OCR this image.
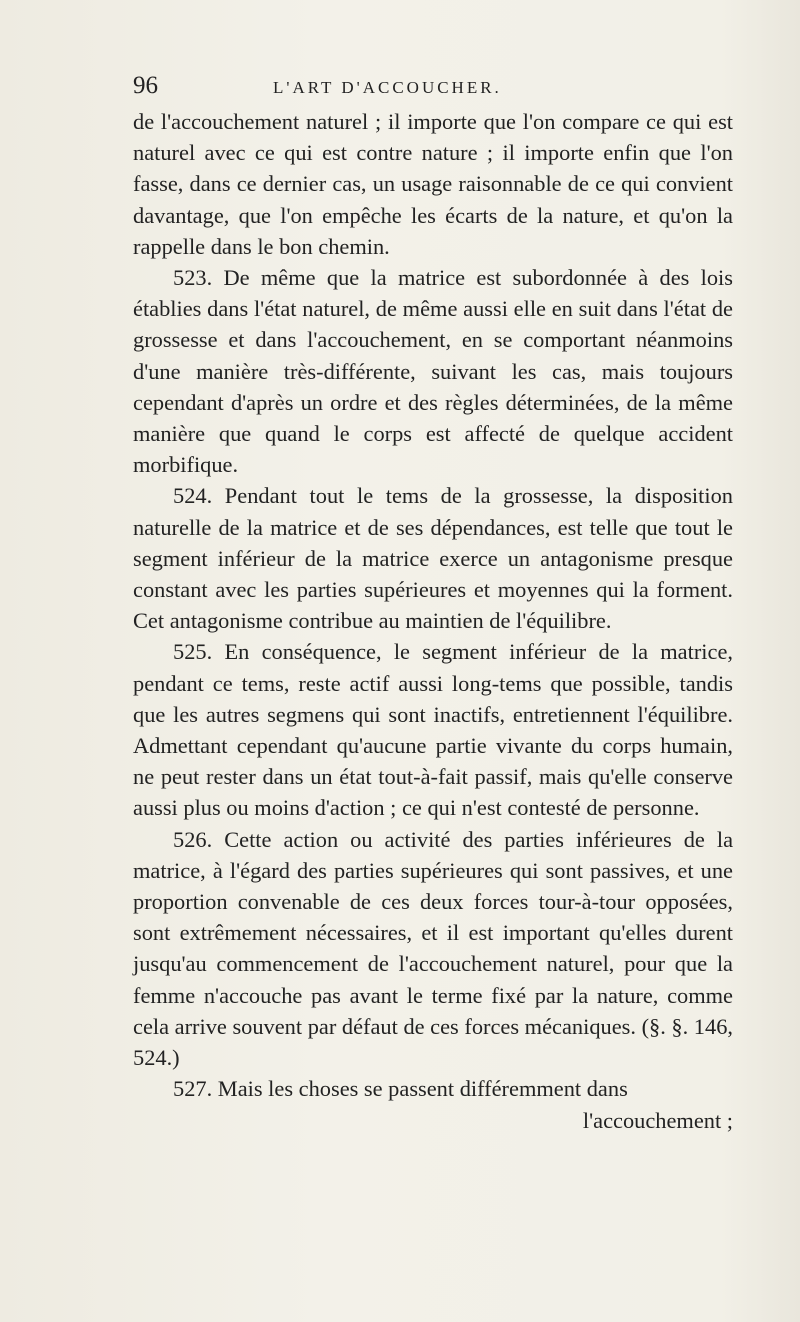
96	L'ART D'ACCOUCHER.

de l'accouchement naturel ; il importe que l'on compare ce qui est naturel avec ce qui est contre nature ; il importe enfin que l'on fasse, dans ce dernier cas, un usage raisonnable de ce qui convient davantage, que l'on empêche les écarts de la nature, et qu'on la rappelle dans le bon chemin.

523. De même que la matrice est subordonnée à des lois établies dans l'état naturel, de même aussi elle en suit dans l'état de grossesse et dans l'accouchement, en se comportant néanmoins d'une manière très-différente, suivant les cas, mais toujours cependant d'après un ordre et des règles déterminées, de la même manière que quand le corps est affecté de quelque accident morbifique.

524. Pendant tout le tems de la grossesse, la disposition naturelle de la matrice et de ses dépendances, est telle que tout le segment inférieur de la matrice exerce un antagonisme presque constant avec les parties supérieures et moyennes qui la forment. Cet antagonisme contribue au maintien de l'équilibre.

525. En conséquence, le segment inférieur de la matrice, pendant ce tems, reste actif aussi long-tems que possible, tandis que les autres segmens qui sont inactifs, entretiennent l'équilibre. Admettant cependant qu'aucune partie vivante du corps humain, ne peut rester dans un état tout-à-fait passif, mais qu'elle conserve aussi plus ou moins d'action ; ce qui n'est contesté de personne.

526. Cette action ou activité des parties inférieures de la matrice, à l'égard des parties supérieures qui sont passives, et une proportion convenable de ces deux forces tour-à-tour opposées, sont extrêmement nécessaires, et il est important qu'elles durent jusqu'au commencement de l'accouchement naturel, pour que la femme n'accouche pas avant le terme fixé par la nature, comme cela arrive souvent par défaut de ces forces mécaniques. (§. §. 146, 524.)

527. Mais les choses se passent différemment dans
l'accouchement ;
